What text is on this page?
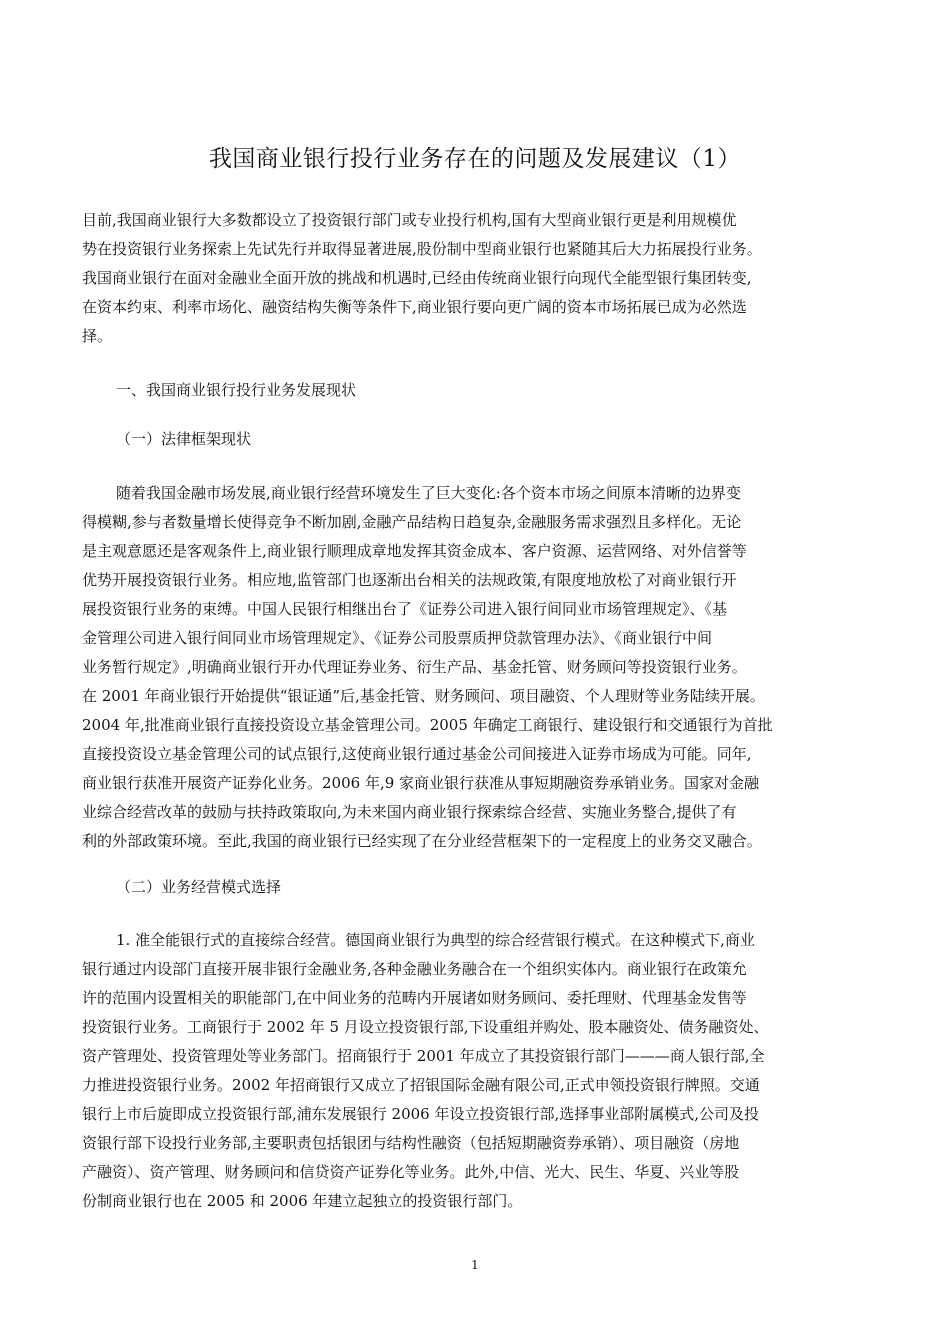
我国商业银行投行业务存在的问题及发展建议（1）
目前,我国商业银行大多数都设立了投资银行部门或专业投行机构,国有大型商业银行更是利用规模优
势在投资银行业务探索上先试先行并取得显著进展,股份制中型商业银行也紧随其后大力拓展投行业务。
我国商业银行在面对金融业全面开放的挑战和机遇时,已经由传统商业银行向现代全能型银行集团转变,
在资本约束、利率市场化、融资结构失衡等条件下,商业银行要向更广阔的资本市场拓展已成为必然选
择。
一、我国商业银行投行业务发展现状
（一）法律框架现状
随着我国金融市场发展,商业银行经营环境发生了巨大变化:各个资本市场之间原本清晰的边界变
得模糊,参与者数量增长使得竞争不断加剧,金融产品结构日趋复杂,金融服务需求强烈且多样化。无论
是主观意愿还是客观条件上,商业银行顺理成章地发挥其资金成本、客户资源、运营网络、对外信誉等
优势开展投资银行业务。相应地,监管部门也逐渐出台相关的法规政策,有限度地放松了对商业银行开
展投资银行业务的束缚。中国人民银行相继出台了《证券公司进入银行间同业市场管理规定》、《基
金管理公司进入银行间同业市场管理规定》、《证券公司股票质押贷款管理办法》、《商业银行中间
业务暂行规定》,明确商业银行开办代理证券业务、衍生产品、基金托管、财务顾问等投资银行业务。
在 2001 年商业银行开始提供“银证通”后,基金托管、财务顾问、项目融资、个人理财等业务陆续开展。
2004 年,批准商业银行直接投资设立基金管理公司。2005 年确定工商银行、建设银行和交通银行为首批
直接投资设立基金管理公司的试点银行,这使商业银行通过基金公司间接进入证券市场成为可能。同年,
商业银行获准开展资产证券化业务。2006 年,9 家商业银行获准从事短期融资券承销业务。国家对金融
业综合经营改革的鼓励与扶持政策取向,为未来国内商业银行探索综合经营、实施业务整合,提供了有
利的外部政策环境。至此,我国的商业银行已经实现了在分业经营框架下的一定程度上的业务交叉融合。
（二）业务经营模式选择
1. 准全能银行式的直接综合经营。德国商业银行为典型的综合经营银行模式。在这种模式下,商业
银行通过内设部门直接开展非银行金融业务,各种金融业务融合在一个组织实体内。商业银行在政策允
许的范围内设置相关的职能部门,在中间业务的范畴内开展诸如财务顾问、委托理财、代理基金发售等
投资银行业务。工商银行于 2002 年 5 月设立投资银行部,下设重组并购处、股本融资处、债务融资处、
资产管理处、投资管理处等业务部门。招商银行于 2001 年成立了其投资银行部门———商人银行部,全
力推进投资银行业务。2002 年招商银行又成立了招银国际金融有限公司,正式申领投资银行牌照。交通
银行上市后旋即成立投资银行部,浦东发展银行 2006 年设立投资银行部,选择事业部附属模式,公司及投
资银行部下设投行业务部,主要职责包括银团与结构性融资（包括短期融资券承销）、项目融资（房地
产融资）、资产管理、财务顾问和信贷资产证券化等业务。此外,中信、光大、民生、华夏、兴业等股
份制商业银行也在 2005 和 2006 年建立起独立的投资银行部门。
1
